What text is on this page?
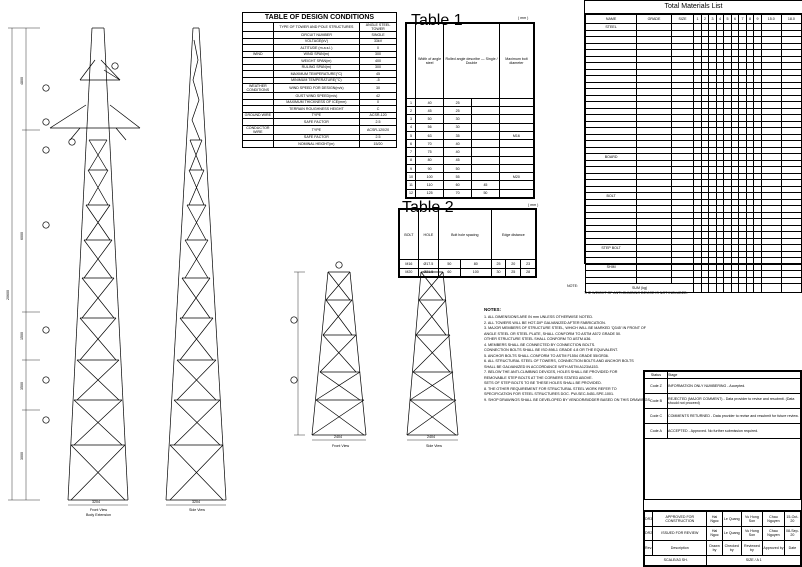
20600
4800
6000
1500
3500
3000
3204	3204
Front View	Side View
Body Extension
2404	2404
Front View	Side View
TABLE OF DESIGN CONDITIONS
	TYPE OF TOWER AND POLE STRUCTURES	ANGLE STEEL TOWER
	CIRCUIT NUMBER	SINGLE
	VOLTAGE(kV)	33kV
	ALTITUDE (m.a.s.l.)	0
WIND	WIND SPAN(m)	300
	WEIGHT SPAN(m)	400
	RULING SPAN(m)	300
	MAXIMUM TEMPERATURE(°C)	45
	MINIMUM TEMPERATURE(°C)	-5
WEATHER CONDITIONS	WIND SPEED FOR DESIGN(m/s)	30
	GUST WIND SPEED(m/s)	42
	MAXIMUM THICKNESS OF ICE(mm)	0
	TERRAIN ROUGHNESS HEIGHT	C
GROUND WIRE	TYPE	ACSR-120
	SAFE FACTOR	2.5
CONDUCTOR WIRE	TYPE	ACSR-120/20
	SAFE FACTOR	2.5
	NOMINAL HEIGHT(m)	15/20
Table 1	( mm )
	Width of angle steel	Rolled angle describe — Single / Double		Maximum bolt diameter
1	40	25		
2	45	25		
3	50	30		
4	56	30		
5	63	35		M16
6	70	40		
7	75	40		
8	80	45		
9	90	50		
10	100	55		M20
11	110	60	45	
12	125	70	50	
Table 2	( mm )
BOLT	HOLE	Bolt hole spacing		Edge distance		
M16	Ø17.5	50	80	25	20	23
M20	Ø21.5	60	100	30	25	28
Total Materials List
NAME	GRADE	SIZE	1	2	3	4	5	6	7	8	9	15.0	18.0
STEEL													

BOARD													

BOLT													

STEP BOLT													

SHIM													

SUM (kg)													
NOTE:
THE WEIGHT OF ANTI-CLIMBING DEVICE IS NOT INCLUDED.
NOTES:
1. ALL DIMENSIONS ARE IN mm UNLESS OTHERWISE NOTED.
2. ALL TOWERS WILL BE HOT-DIP GALVANIZED AFTER FABRICATION.
3. MAJOR MEMBERS OF STRUCTURE STEEL, WHICH WILL BE MARKED 'Q345' IN FRONT OF
ANGLE STEEL OR STEEL PLATE, SHALL CONFORM TO ASTM A572 GRADE 50.
OTHER STRUCTURE STEEL SHALL CONFORM TO ASTM A36.
4. MEMBERS SHALL BE CONNECTED BY CONNECTION BOLTS.
CONNECTION BOLTS SHALL BE ISO 898-1 GRADE 4.8 OR THE EQUIVALENT.
5. ANCHOR BOLTS SHALL CONFORM TO ASTM F1554 GRADE 55/GR36.
6. ALL STRUCTURAL STEEL OF TOWERS, CONNECTION BOLTS AND ANCHOR BOLTS
SHALL BE GALVANIZED IN ACCORDANCE WITH ASTM A123/A153.
7. BELOW THE ANTI-CLIMBING DEVICES, HOLES SHALL BE PROVIDED FOR
REMOVABLE STEP BOLTS AT THE CORNERS STATED ABOVE.
SETS OF STEP BOLTS TO BE THESE HOLES SHALL BE PROVIDED.
8. THE OTHER REQUIREMENT FOR STRUCTURAL STEEL WORK REFER TO
SPECIFICATION FOR STEEL STRUCTURES DOC. PW-SEC-5451-SPE-1001.
9. SHOP DRAWINGS SHALL BE DEVELOPED BY VENDOR/BIDDER BASED ON THIS DRAWINGS.
Status	Stage
Code Z	INFORMATION ONLY NUMBERING - Accepted.
Code B	REJECTED (MAJOR COMMENT) - Data provider to revise and resubmit. (Data should not proceed)
Code C	COMMENTS RETURNED - Data provider to revise and resubmit for future review.
Code A	ACCEPTED - Approved. No further submission required.

DR3	APPROVED FOR CONSTRUCTION	Hai Ngoc	Le Quang	Vu Hong Son	Chau Nguyen	15-Oct-20
DR2	ISSUED FOR REVIEW	Hai Ngoc	Le Quang	Vu Hong Son	Chau Nguyen	08-Sep-20
Rev.	Description	Drawn by	Checked by	Reviewed by	Approved by	Date
SCALE/A3 SH.		SIZE / A 1				
